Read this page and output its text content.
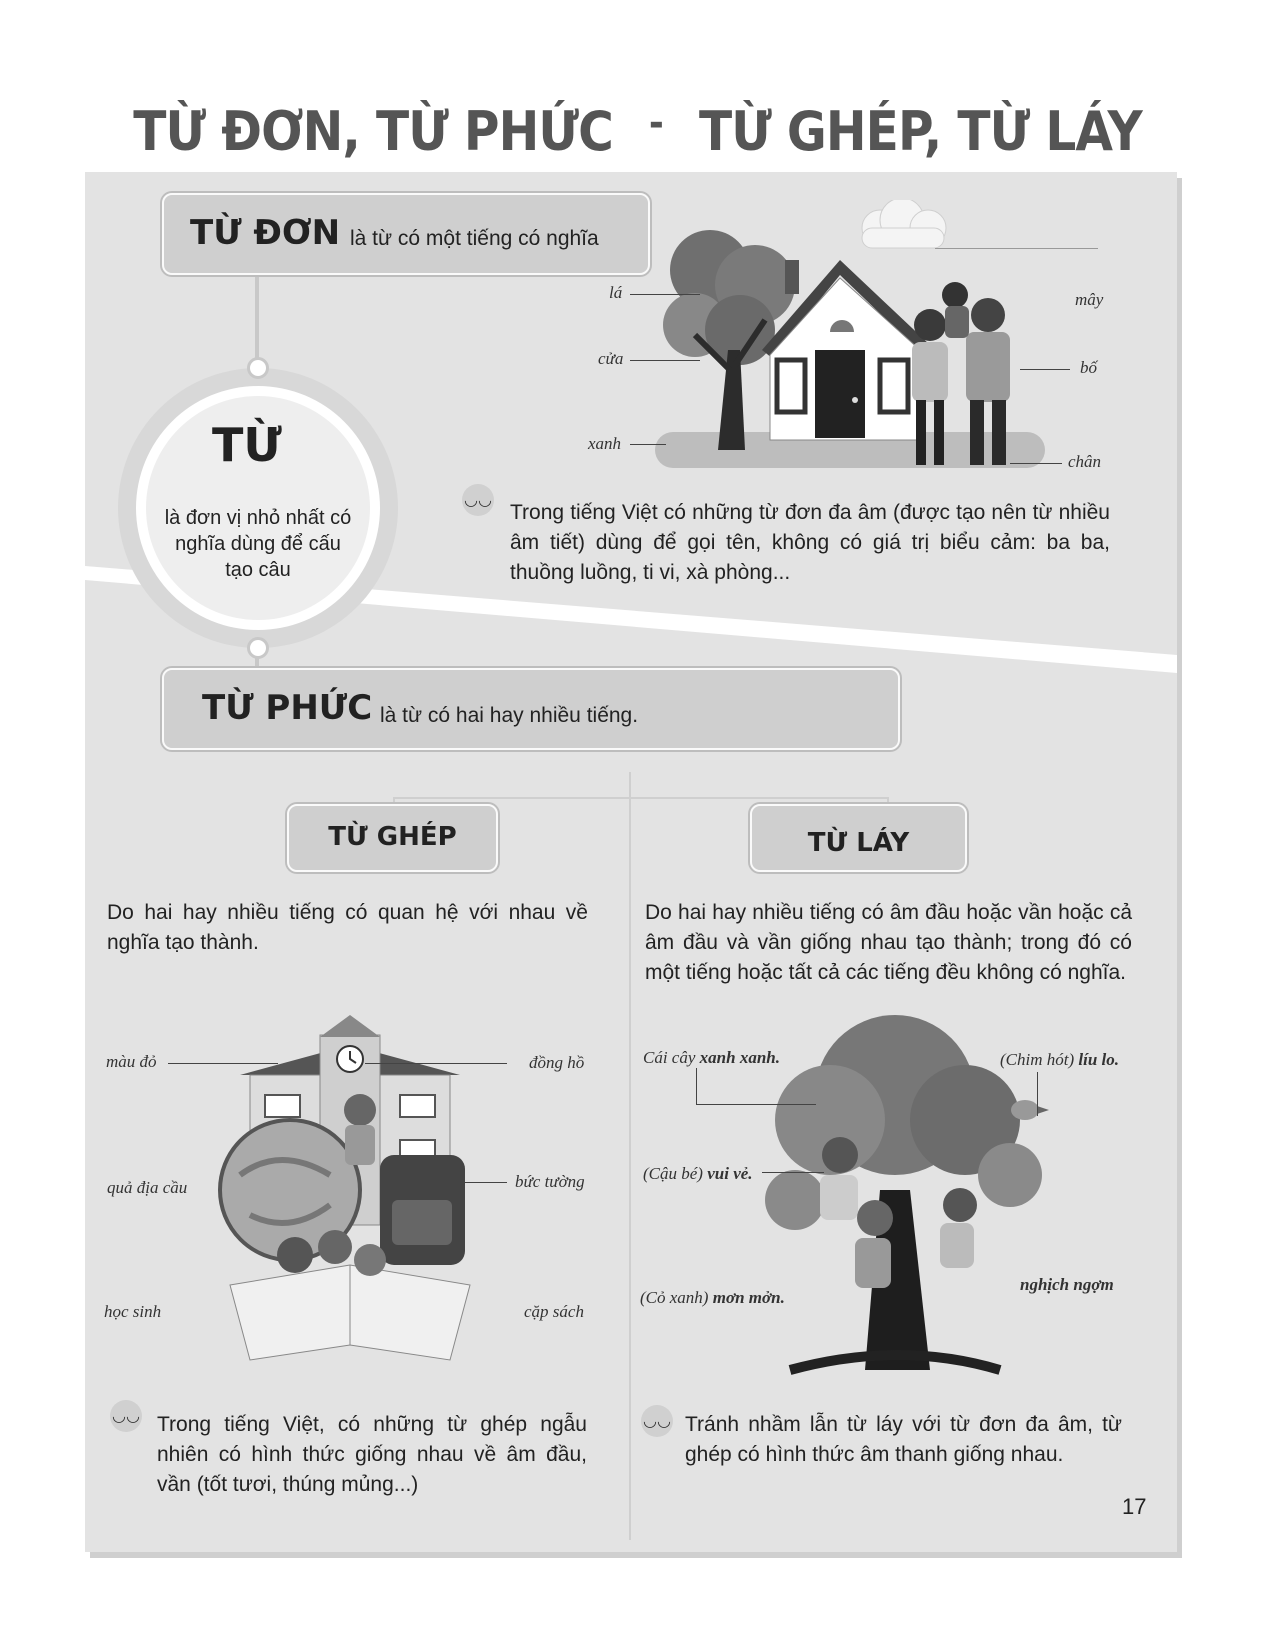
TỪ ĐƠN, TỪ PHỨC - TỪ GHÉP, TỪ LÁY
TỪ ĐƠN là từ có một tiếng có nghĩa
TỪ
là đơn vị nhỏ nhất có nghĩa dùng để cấu tạo câu
lá
cửa
xanh
mây
bố
chân
◡◡
Trong tiếng Việt có những từ đơn đa âm (được tạo nên từ nhiều âm tiết) dùng để gọi tên, không có giá trị biểu cảm: ba ba, thuồng luồng, ti vi, xà phòng...
TỪ PHỨC là từ có hai hay nhiều tiếng.
TỪ GHÉP	TỪ LÁY
Do hai hay nhiều tiếng có quan hệ với nhau về nghĩa tạo thành.
Do hai hay nhiều tiếng có âm đầu hoặc vần hoặc cả âm đầu và vần giống nhau tạo thành; trong đó có một tiếng hoặc tất cả các tiếng đều không có nghĩa.
màu đỏ	đồng hồ
quả địa cầu	bức tường
học sinh	cặp sách
Cái cây xanh xanh.	(Chim hót) líu lo.
(Cậu bé) vui vẻ.
(Cỏ xanh) mơn mởn.
nghịch ngợm
◡◡ Trong tiếng Việt, có những từ ghép ngẫu nhiên có hình thức giống nhau về âm đầu, vần (tốt tươi, thúng mủng...)
◡◡ Tránh nhầm lẫn từ láy với từ đơn đa âm, từ ghép có hình thức âm thanh giống nhau.
17
